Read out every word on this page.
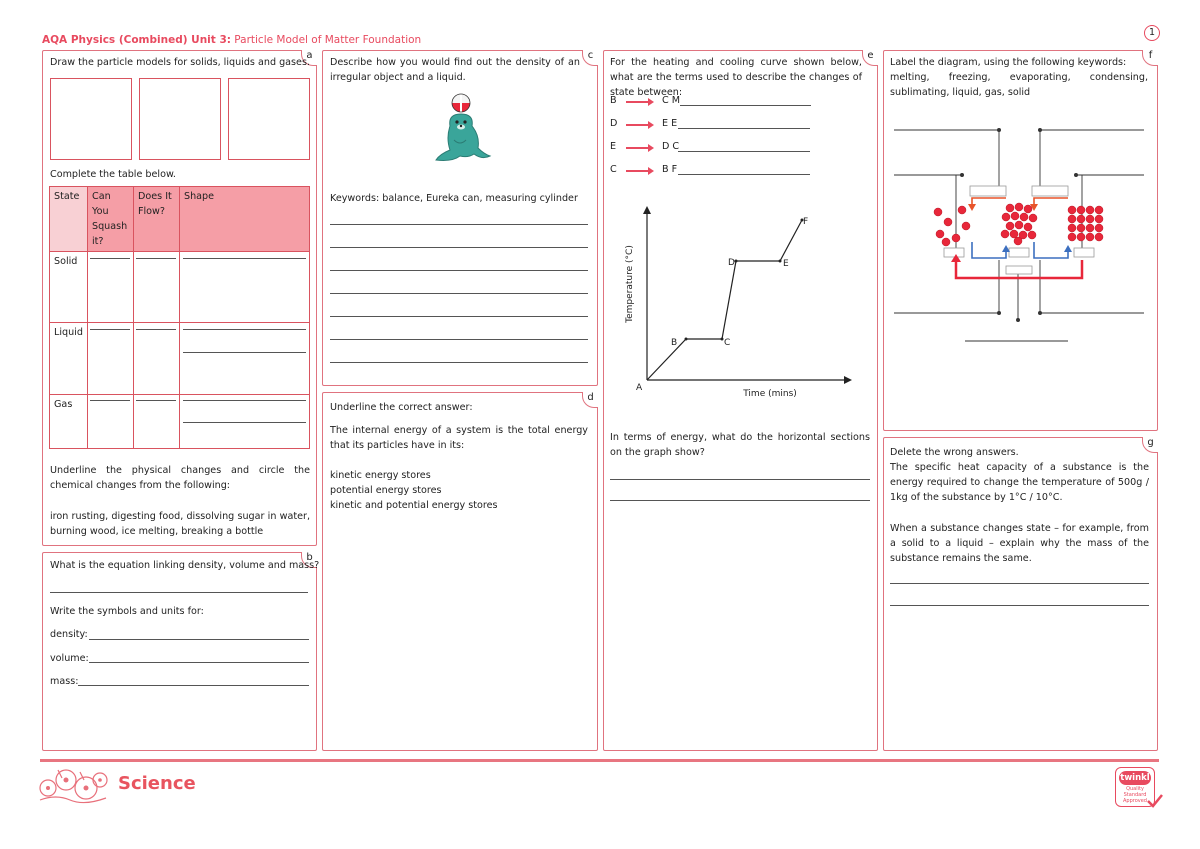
AQA Physics (Combined) Unit 3: Particle Model of Matter Foundation
1
a
Draw the particle models for solids, liquids and gases.
Complete the table below.
State	Can You Squash it?	Does It Flow?	Shape
Solid			
Liquid			
Gas			
Underline the physical changes and circle the chemical changes from the following:
iron rusting, digesting food, dissolving sugar in water, burning wood, ice melting, breaking a bottle
b
What is the equation linking density, volume and mass?
Write the symbols and units for:
density:
volume:
mass:
c
Describe how you would find out the density of an irregular object and a liquid.
Keywords: balance, Eureka can, measuring cylinder
d
Underline the correct answer:
The internal energy of a system is the total energy that its particles have in its:
kinetic energy stores
potential energy stores
kinetic and potential energy stores
e
For the heating and cooling curve shown below, what are the terms used to describe the changes of state between:
B	C M
D	E E
E	D C
C	B F
A
B	C
D	E
F
Time (mins)
Temperature (°C)
In terms of energy, what do the horizontal sections on the graph show?
f
Label the diagram, using the following keywords:
melting, freezing, evaporating, condensing, sublimating, liquid, gas, solid
g
Delete the wrong answers.
The specific heat capacity of a substance is the energy required to change the temperature of 500g / 1kg of the substance by 1°C / 10°C.
When a substance changes state – for example, from a solid to a liquid – explain why the mass of the substance remains the same.
Science	twinkl
Quality Standard Approved
